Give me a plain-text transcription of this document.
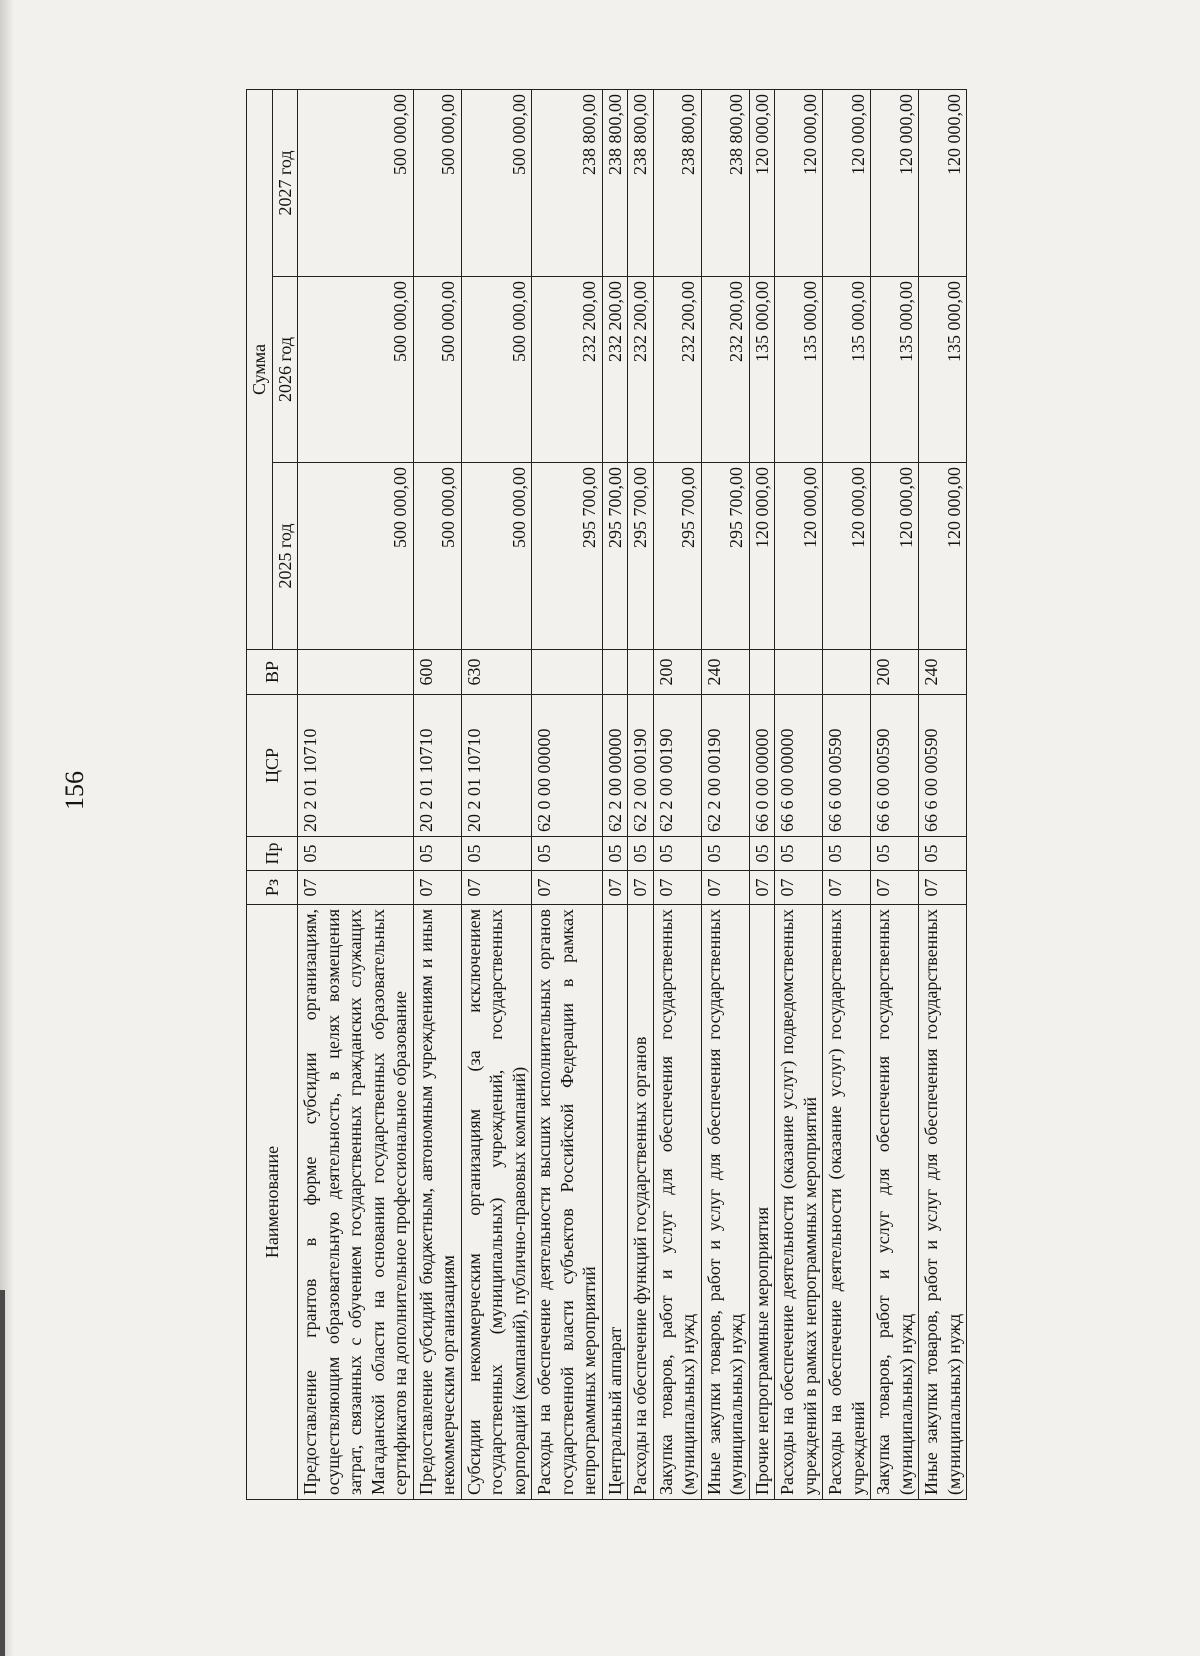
156
Наименование	Рз	Пр	ЦСР	ВР	Сумма		
					2025 год	2026 год	2027 год
Предоставление грантов в форме субсидии организациям, осуществляющим образовательную деятельность, в целях возмещения затрат, связанных с обучением государственных гражданских служащих Магаданской области на основании государственных образовательных сертификатов на дополнительное профессиональное образование	07	05	20 2 01 10710		500 000,00	500 000,00	500 000,00
Предоставление субсидий бюджетным, автономным учреждениям и иным некоммерческим организациям	07	05	20 2 01 10710	600	500 000,00	500 000,00	500 000,00
Субсидии некоммерческим организациям (за исключением государственных (муниципальных) учреждений, государственных корпораций (компаний), публично-правовых компаний)	07	05	20 2 01 10710	630	500 000,00	500 000,00	500 000,00
Расходы на обеспечение деятельности высших исполнительных органов государственной власти субъектов Российской Федерации в рамках непрограммных мероприятий	07	05	62 0 00 00000		295 700,00	232 200,00	238 800,00
Центральный аппарат	07	05	62 2 00 00000		295 700,00	232 200,00	238 800,00
Расходы на обеспечение функций государственных органов	07	05	62 2 00 00190		295 700,00	232 200,00	238 800,00
Закупка товаров, работ и услуг для обеспечения государственных (муниципальных) нужд	07	05	62 2 00 00190	200	295 700,00	232 200,00	238 800,00
Иные закупки товаров, работ и услуг для обеспечения государственных (муниципальных) нужд	07	05	62 2 00 00190	240	295 700,00	232 200,00	238 800,00
Прочие непрограммные мероприятия	07	05	66 0 00 00000		120 000,00	135 000,00	120 000,00
Расходы на обеспечение деятельности (оказание услуг) подведомственных учреждений в рамках непрограммных мероприятий	07	05	66 6 00 00000		120 000,00	135 000,00	120 000,00
Расходы на обеспечение деятельности (оказание услуг) государственных учреждений	07	05	66 6 00 00590		120 000,00	135 000,00	120 000,00
Закупка товаров, работ и услуг для обеспечения государственных (муниципальных) нужд	07	05	66 6 00 00590	200	120 000,00	135 000,00	120 000,00
Иные закупки товаров, работ и услуг для обеспечения государственных (муниципальных) нужд	07	05	66 6 00 00590	240	120 000,00	135 000,00	120 000,00
